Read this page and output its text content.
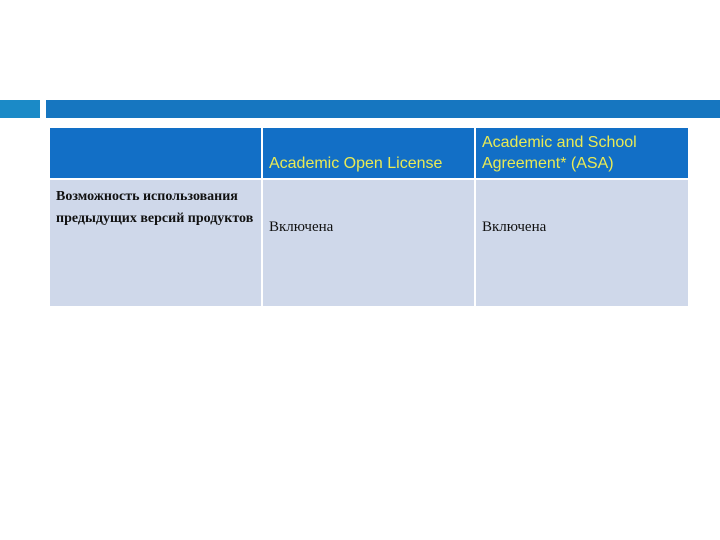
	Academic Open License	Academic and School Agreement* (ASA)
Возможность использования предыдущих версий продуктов	Включена	Включена
